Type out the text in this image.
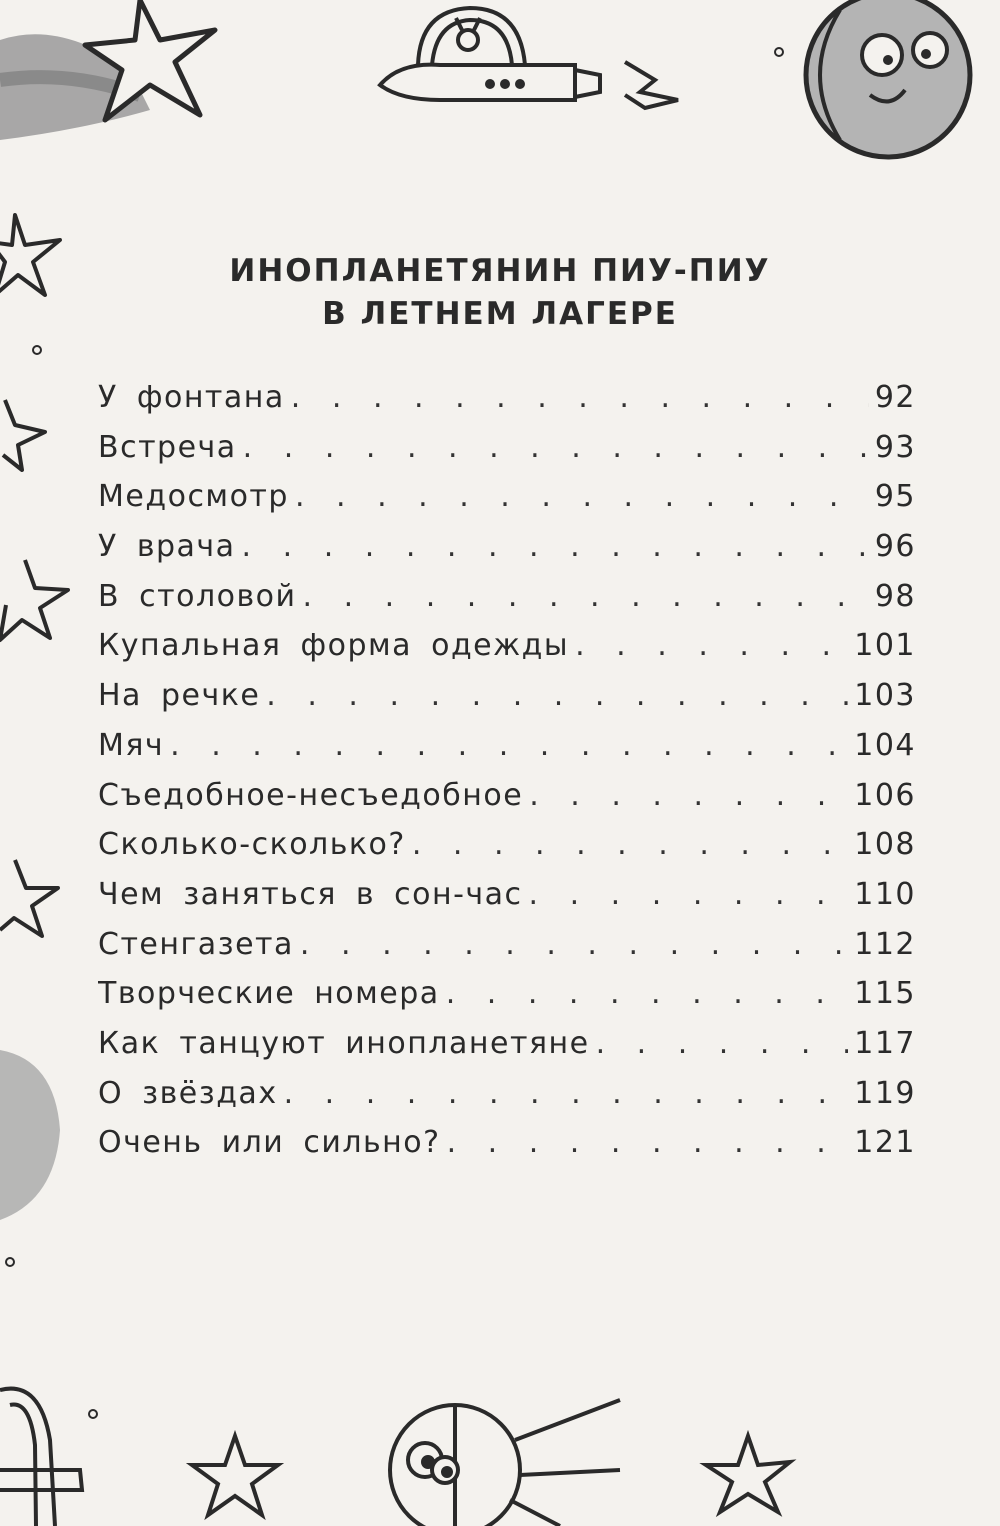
ИНОПЛАНЕТЯНИН ПИУ-ПИУ
В ЛЕТНЕМ ЛАГЕРЕ
У фонтана . . .	92
Встреча . . .	93
Медосмотр . . .	95
У врача . . .	96
В столовой . . .	98
Купальная форма одежды . . .	101
На речке . . .	103
Мяч . . .	104
Съедобное-несъедобное . . .	106
Сколько-сколько? . . .	108
Чем заняться в сон-час . . .	110
Стенгазета . . .	112
Творческие номера . . .	115
Как танцуют инопланетяне . . .	117
О звёздах . . .	119
Очень или сильно? . . .	121
